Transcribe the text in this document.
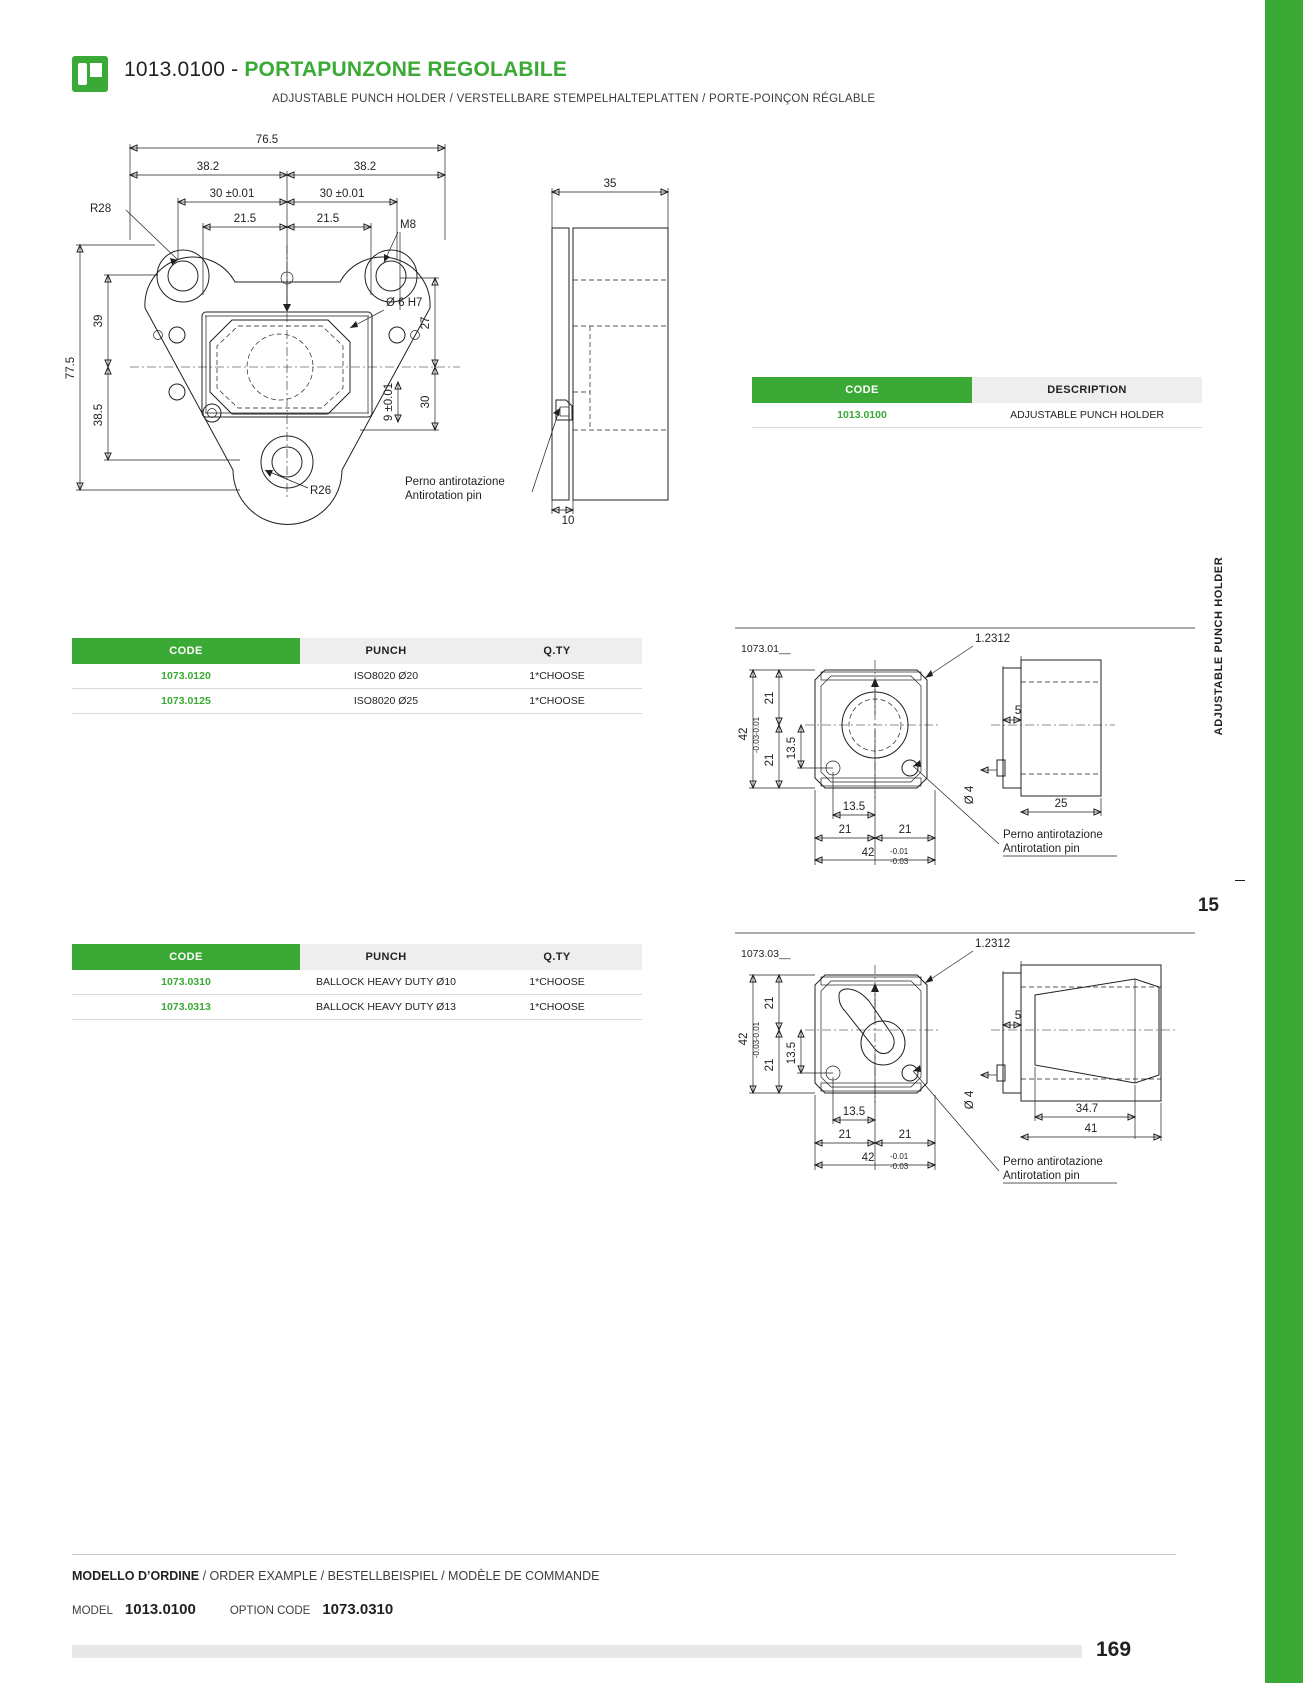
ADJUSTABLE PUNCH HOLDER
15
1013.0100 - PORTAPUNZONE REGOLABILE
ADJUSTABLE PUNCH HOLDER / VERSTELLBARE STEMPELHALTEPLATTEN / PORTE-POINÇON RÉGLABLE
76.5
38.2	38.2
30 ±0.01	30 ±0.01
21.5	21.5
77.5
39
38.5
R28
R26
M8
Ø 6 H7
27
30
9 ±0.01
35
10
Perno antirotazione
Antirotation pin
CODE	DESCRIPTION
1013.0100	ADJUSTABLE PUNCH HOLDER
CODE	PUNCH	Q.TY
1073.0120	ISO8020 Ø20	1*CHOOSE
1073.0125	ISO8020 Ø25	1*CHOOSE
CODE	PUNCH	Q.TY
1073.0310	BALLOCK HEAVY DUTY Ø10	1*CHOOSE
1073.0313	BALLOCK HEAVY DUTY Ø13	1*CHOOSE
1073.01__
1.2312
42 -0.01
-0.03
21
21
13.5
13.5
21	21
42 -0.01
-0.03
Ø 4
5
25
Perno antirotazione
Antirotation pin
1073.03__
1.2312
42 -0.01
-0.03
21
21
13.5
13.5
21	21
42 -0.01
-0.03
Ø 4
5
34.7
41
Perno antirotazione
Antirotation pin
MODELLO D’ORDINE / ORDER EXAMPLE / BESTELLBEISPIEL / MODÈLE DE COMMANDE
MODEL 1013.0100	OPTION CODE 1073.0310
169
